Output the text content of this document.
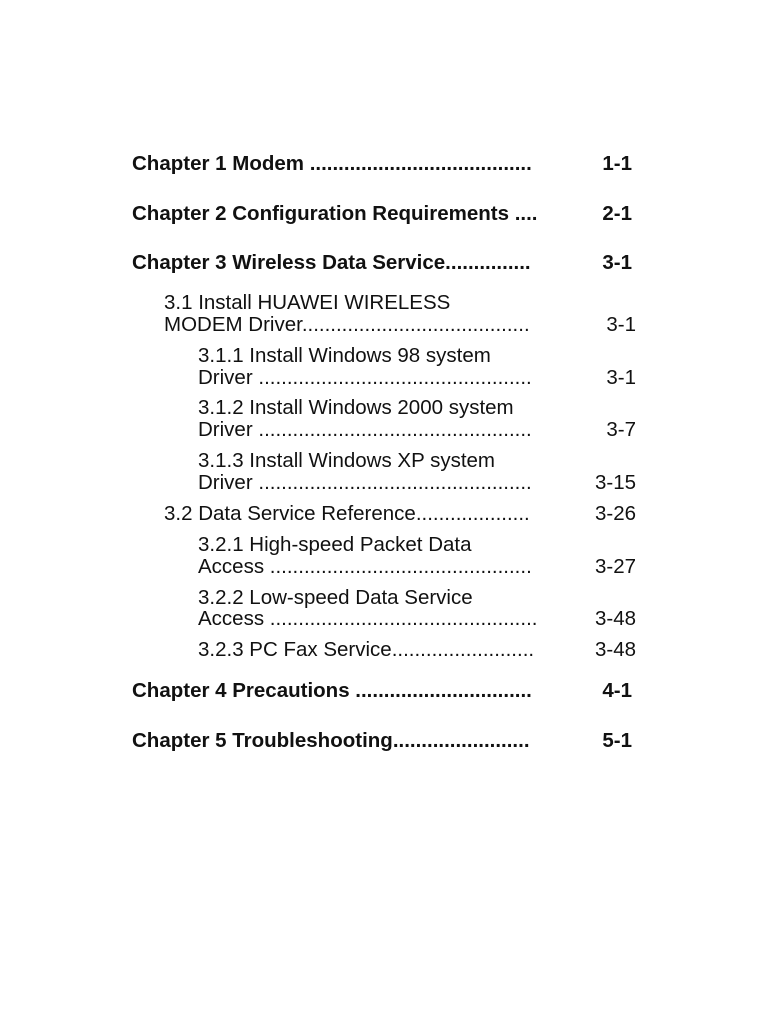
Chapter 1 Modem .......................................	1-1
Chapter 2 Configuration Requirements ....	2-1
Chapter 3 Wireless Data Service...............	3-1
3.1 Install HUAWEI WIRELESS
MODEM Driver........................................	3-1
3.1.1 Install Windows 98 system
Driver ................................................	3-1
3.1.2 Install Windows 2000 system
Driver ................................................	3-7
3.1.3 Install Windows XP system
Driver ................................................	3-15
3.2 Data Service Reference....................	3-26
3.2.1 High-speed Packet Data
Access ..............................................	3-27
3.2.2 Low-speed Data Service
Access ...............................................	3-48
3.2.3 PC Fax Service.........................	3-48
Chapter 4 Precautions ...............................	4-1
Chapter 5 Troubleshooting........................	5-1
